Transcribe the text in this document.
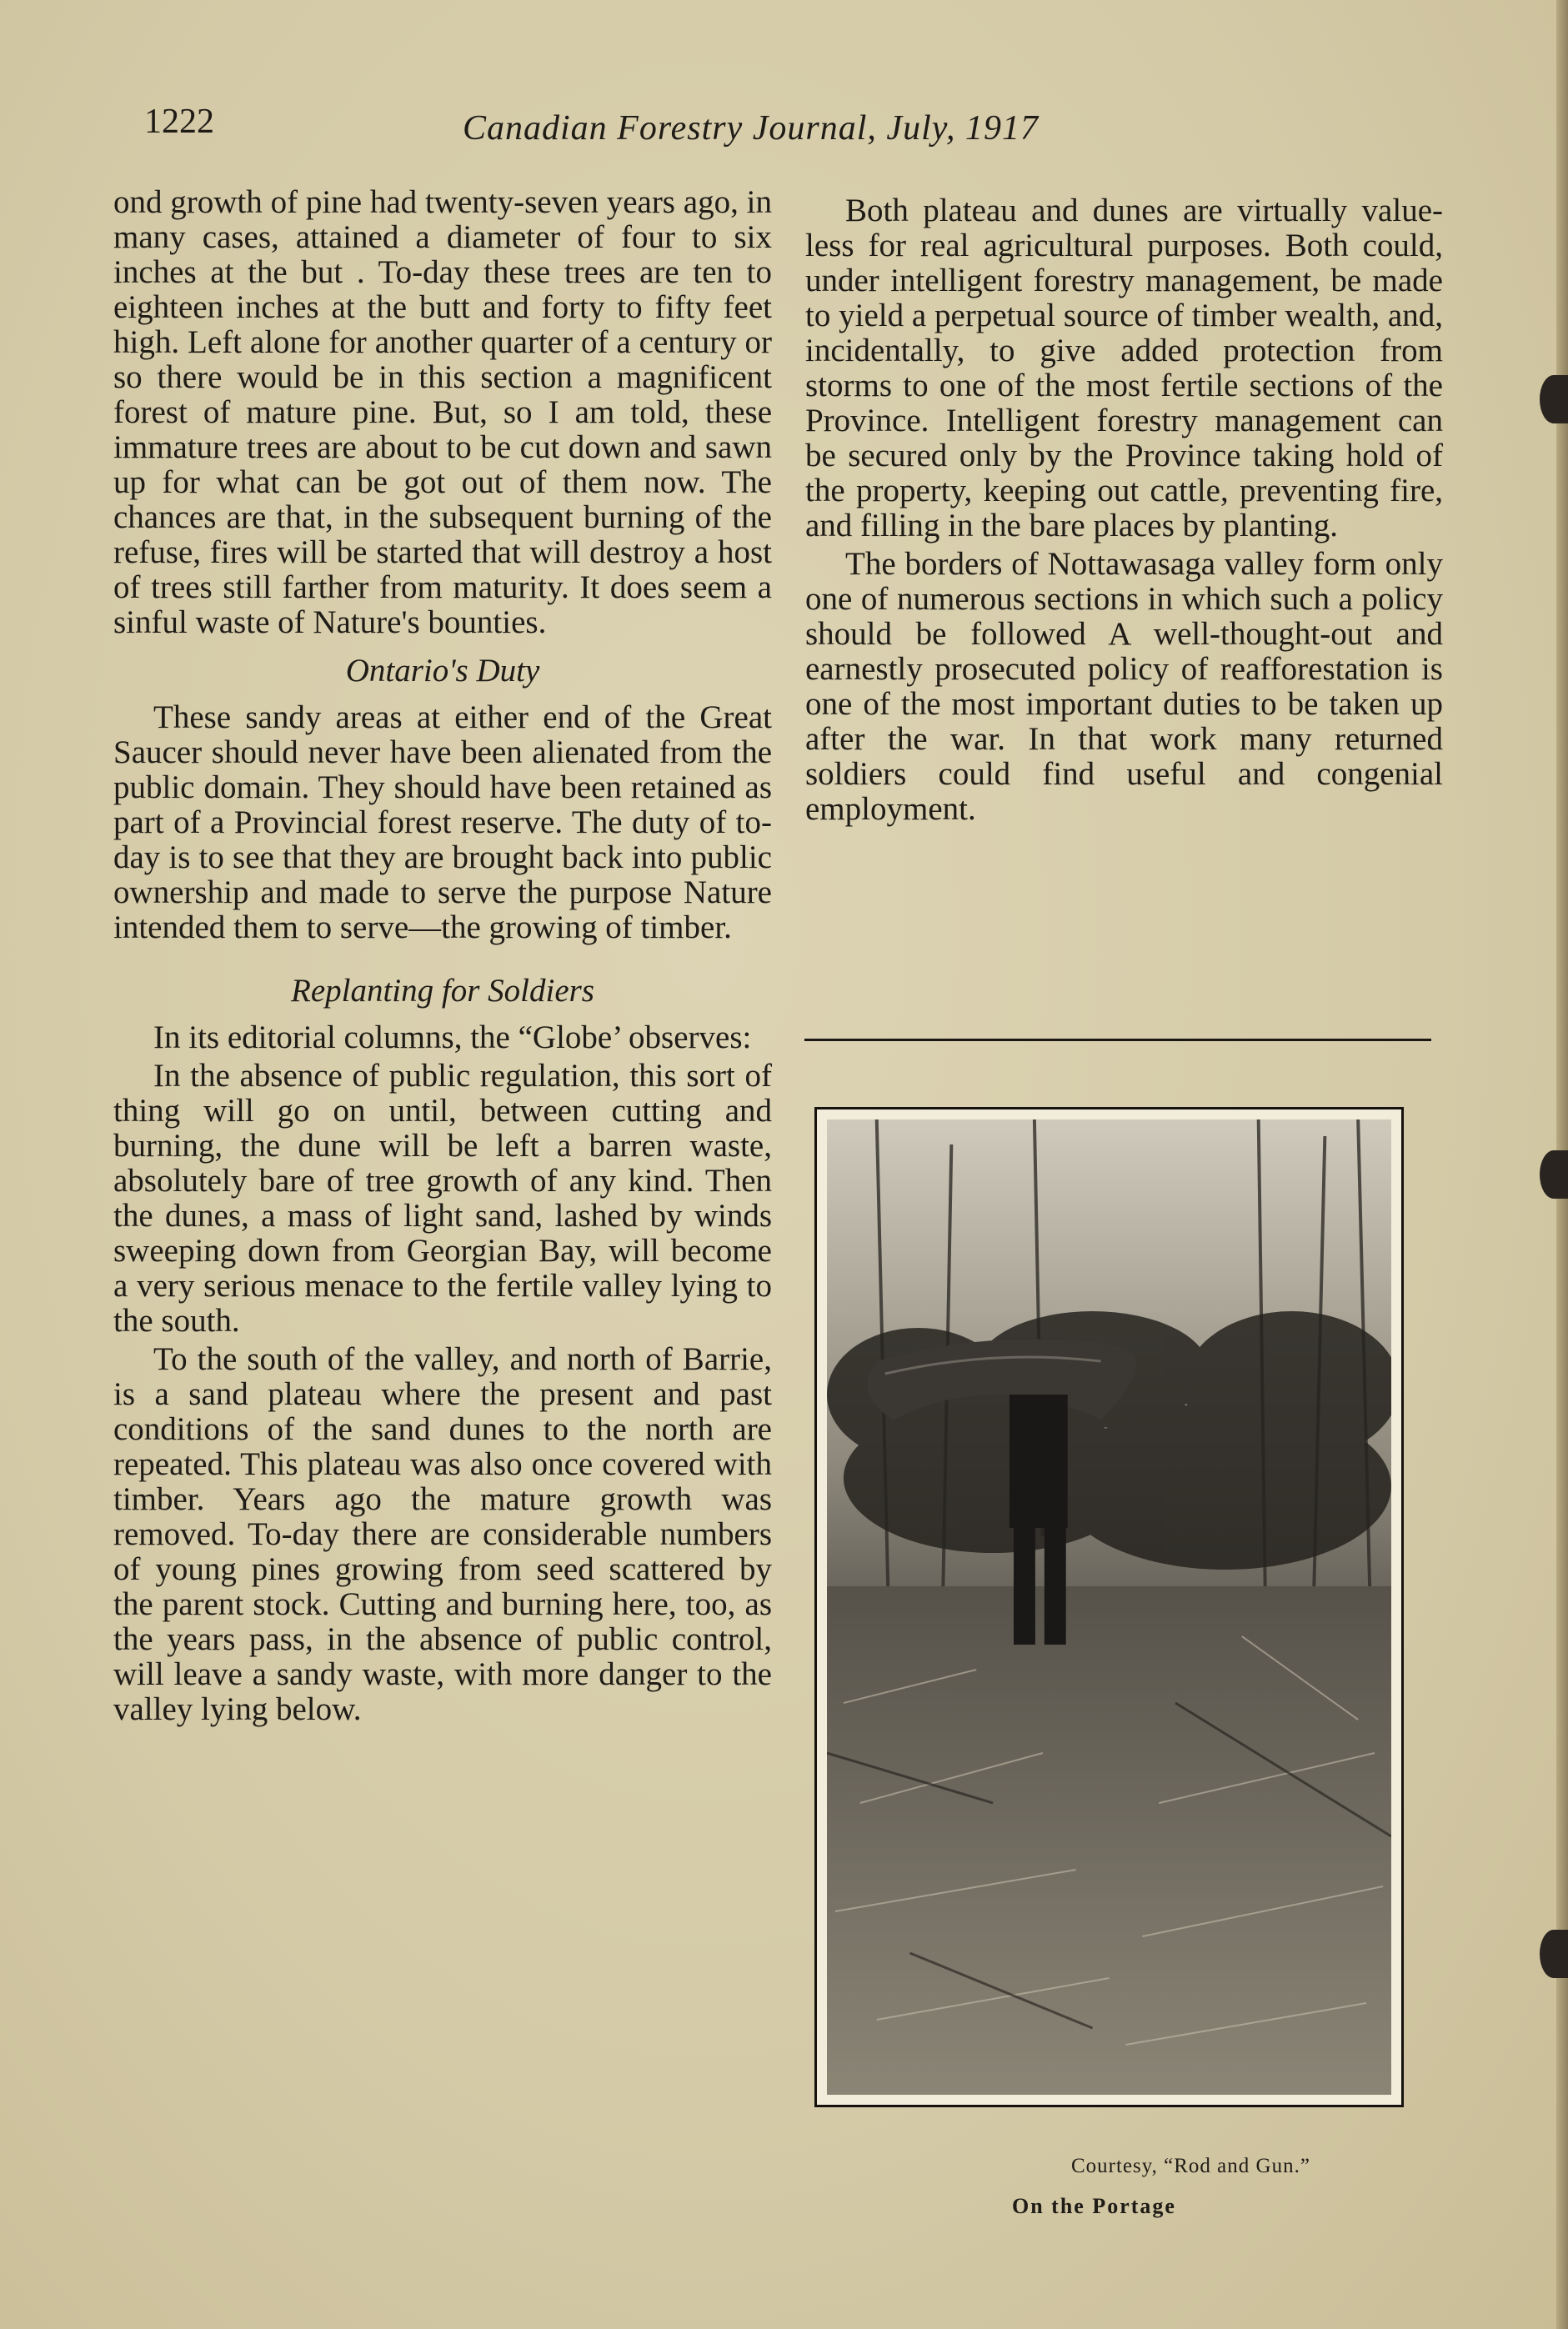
1222	Canadian Forestry Journal, July, 1917

ond growth of pine had twenty-seven years ago, in many cases, attained a diameter of four to six inches at the but . To-day these trees are ten to eighteen inches at the butt and forty to fifty feet high. Left alone for another quarter of a century or so there would be in this section a magnificent forest of mature pine. But, so I am told, these immature trees are about to be cut down and sawn up for what can be got out of them now. The chances are that, in the subsequent burning of the refuse, fires will be started that will destroy a host of trees still farther from maturity. It does seem a sinful waste of Nature's bounties.

Ontario's Duty

These sandy areas at either end of the Great Saucer should never have been alienated from the public domain. They should have been retained as part of a Provincial forest reserve. The duty of to-day is to see that they are brought back into public ownership and made to serve the purpose Nature intended them to serve—the growing of timber.

Replanting for Soldiers

In its editorial columns, the “Globe’ observes:

In the absence of public regulation, this sort of thing will go on until, between cutting and burning, the dune will be left a barren waste, absolutely bare of tree growth of any kind. Then the dunes, a mass of light sand, lashed by winds sweeping down from Georgian Bay, will become a very serious menace to the fertile valley lying to the south.

To the south of the valley, and north of Barrie, is a sand plateau where the present and past conditions of the sand dunes to the north are repeated. This plateau was also once covered with timber. Years ago the mature growth was removed. To-day there are considerable numbers of young pines growing from seed scattered by the parent stock. Cutting and burning here, too, as the years pass, in the absence of public control, will leave a sandy waste, with more danger to the valley lying below.

Both plateau and dunes are virtually value-less for real agricultural purposes. Both could, under intelligent forestry management, be made to yield a perpetual source of timber wealth, and, incidentally, to give added protection from storms to one of the most fertile sections of the Province. Intelligent forestry management can be secured only by the Province taking hold of the property, keeping out cattle, preventing fire, and filling in the bare places by planting.

The borders of Nottawasaga valley form only one of numerous sections in which such a policy should be followed A well-thought-out and earnestly prosecuted policy of reafforestation is one of the most important duties to be taken up after the war. In that work many returned soldiers could find useful and congenial employment.

Courtesy, “Rod and Gun.”
On the Portage
